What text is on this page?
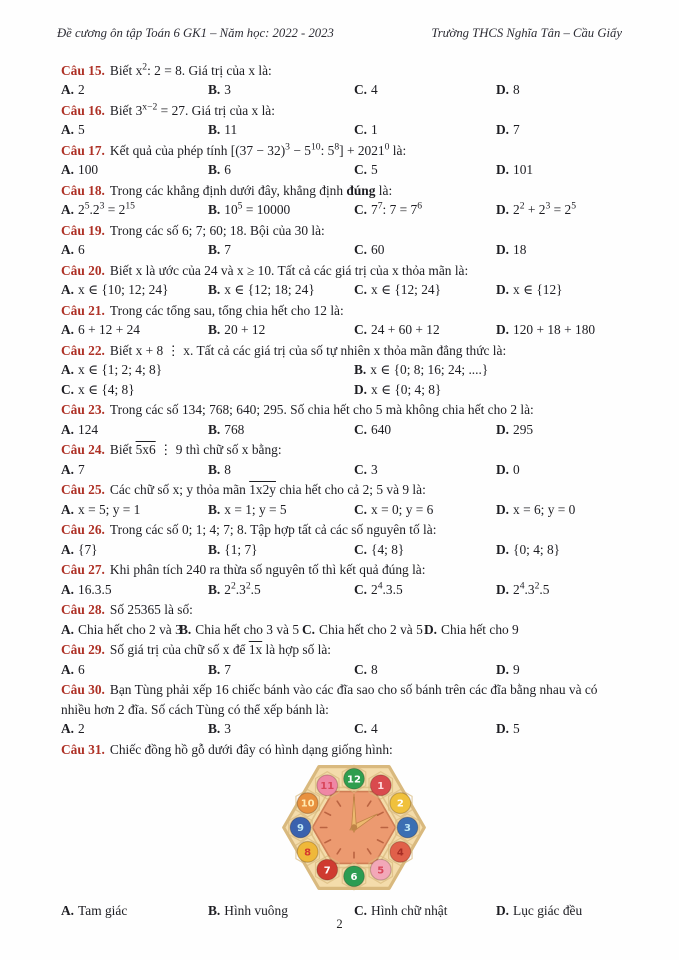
Đề cương ôn tập Toán 6 GK1 – Năm học: 2022 - 2023	Trường THCS Nghĩa Tân – Cầu Giấy
Câu 15. Biết $x^2$: 2 = 8. Giá trị của x là:
A. 2	B. 3	C. 4	D. 8
Câu 16. Biết $3^{x-2} = 27$. Giá trị của x là:
A. 5	B. 11	C. 1	D. 7
Câu 17. Kết quả của phép tính [$(37 - 32)^3 - 5^{10}$: $5^8] + 2021^0$ là:
A. 100	B. 6	C. 5	D. 101
Câu 18. Trong các khẳng định dưới đây, khẳng định đúng là:
A. $2^5.2^3 = 2^{15}$	B. $10^5 = 10000$	C. $7^7$: $7 = 7^6$	D. $2^2 + 2^3 = 2^5$
Câu 19. Trong các số 6; 7; 60; 18. Bội của 30 là:
A. 6	B. 7	C. 60	D. 18
Câu 20. Biết x là ước của 24 và x ≥ 10. Tất cả các giá trị của x thỏa mãn là:
A. x ∈ {10; 12; 24}	B. x ∈ {12; 18; 24}	C. x ∈ {12; 24}	D. x ∈ {12}
Câu 21. Trong các tổng sau, tổng chia hết cho 12 là:
A. 6 + 12 + 24	B. 20 + 12	C. 24 + 60 + 12	D. 120 + 18 + 180
Câu 22. Biết x + 8 ⋮ x. Tất cả các giá trị của số tự nhiên x thỏa mãn đẳng thức là:
A. x ∈ {1; 2; 4; 8}	B. x ∈ {0; 8; 16; 24; ....}
C. x ∈ {4; 8}	D. x ∈ {0; 4; 8}
Câu 23. Trong các số 134; 768; 640; 295. Số chia hết cho 5 mà không chia hết cho 2 là:
A. 124	B. 768	C. 640	D. 295
Câu 24. Biết 5x6 ⋮ 9 thì chữ số x bằng:
A. 7	B. 8	C. 3	D. 0
Câu 25. Các chữ số x; y thỏa mãn 1x2y chia hết cho cả 2; 5 và 9 là:
A. x = 5; y = 1	B. x = 1; y = 5	C. x = 0; y = 6	D. x = 6; y = 0
Câu 26. Trong các số 0; 1; 4; 7; 8. Tập hợp tất cả các số nguyên tố là:
A. {7}	B. {1; 7}	C. {4; 8}	D. {0; 4; 8}
Câu 27. Khi phân tích 240 ra thừa số nguyên tố thì kết quả đúng là:
A. 16.3.5	B. $2^2.3^2.5$	C. $2^4.3.5$	D. $2^4.3^2.5$
Câu 28. Số 25365 là số:
A. Chia hết cho 2 và 3
B. Chia hết cho 3 và 5 C. Chia hết cho 2 và 5 D. Chia hết cho 9
Câu 29. Số giá trị của chữ số x để 1x là hợp số là:
A. 6	B. 7	C. 8	D. 9
Câu 30. Bạn Tùng phải xếp 16 chiếc bánh vào các đĩa sao cho số bánh trên các đĩa bằng nhau và có nhiều hơn 2 đĩa. Số cách Tùng có thể xếp bánh là:
A. 2	B. 3	C. 4	D. 5
Câu 31. Chiếc đồng hồ gỗ dưới đây có hình dạng giống hình:
12
1
2
3
4
5
6
7
8
9
10
11
A. Tam giác	B. Hình vuông	C. Hình chữ nhật	D. Lục giác đều
2
